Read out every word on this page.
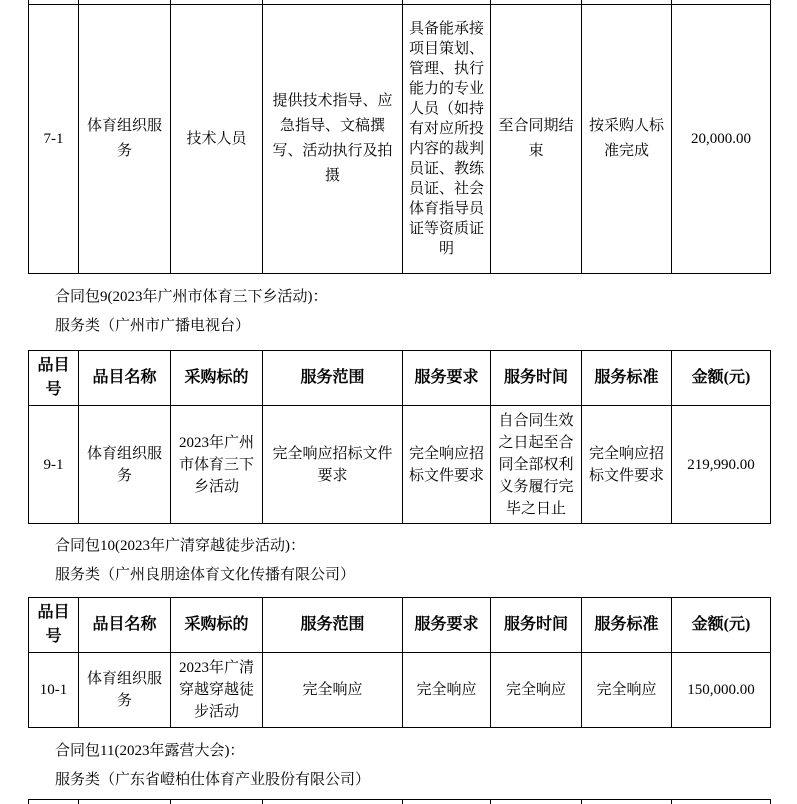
7-1	体育组织服务	技术人员	提供技术指导、应急指导、文稿撰写、活动执行及拍摄	具备能承接项目策划、管理、执行能力的专业人员（如持有对应所投内容的裁判员证、教练员证、社会体育指导员证等资质证明	至合同期结束	按采购人标准完成	20,000.00
合同包9(2023年广州市体育三下乡活动)：
服务类（广州市广播电视台）
品目号	品目名称	采购标的	服务范围	服务要求	服务时间	服务标准	金额(元)
9-1	体育组织服务	2023年广州市体育三下乡活动	完全响应招标文件要求	完全响应招标文件要求	自合同生效之日起至合同全部权利义务履行完毕之日止	完全响应招标文件要求	219,990.00
合同包10(2023年广清穿越徒步活动)：
服务类（广州良朋途体育文化传播有限公司）
品目号	品目名称	采购标的	服务范围	服务要求	服务时间	服务标准	金额(元)
10-1	体育组织服务	2023年广清穿越穿越徒步活动	完全响应	完全响应	完全响应	完全响应	150,000.00
合同包11(2023年露营大会)：
服务类（广东省嶝柏仕体育产业股份有限公司）
